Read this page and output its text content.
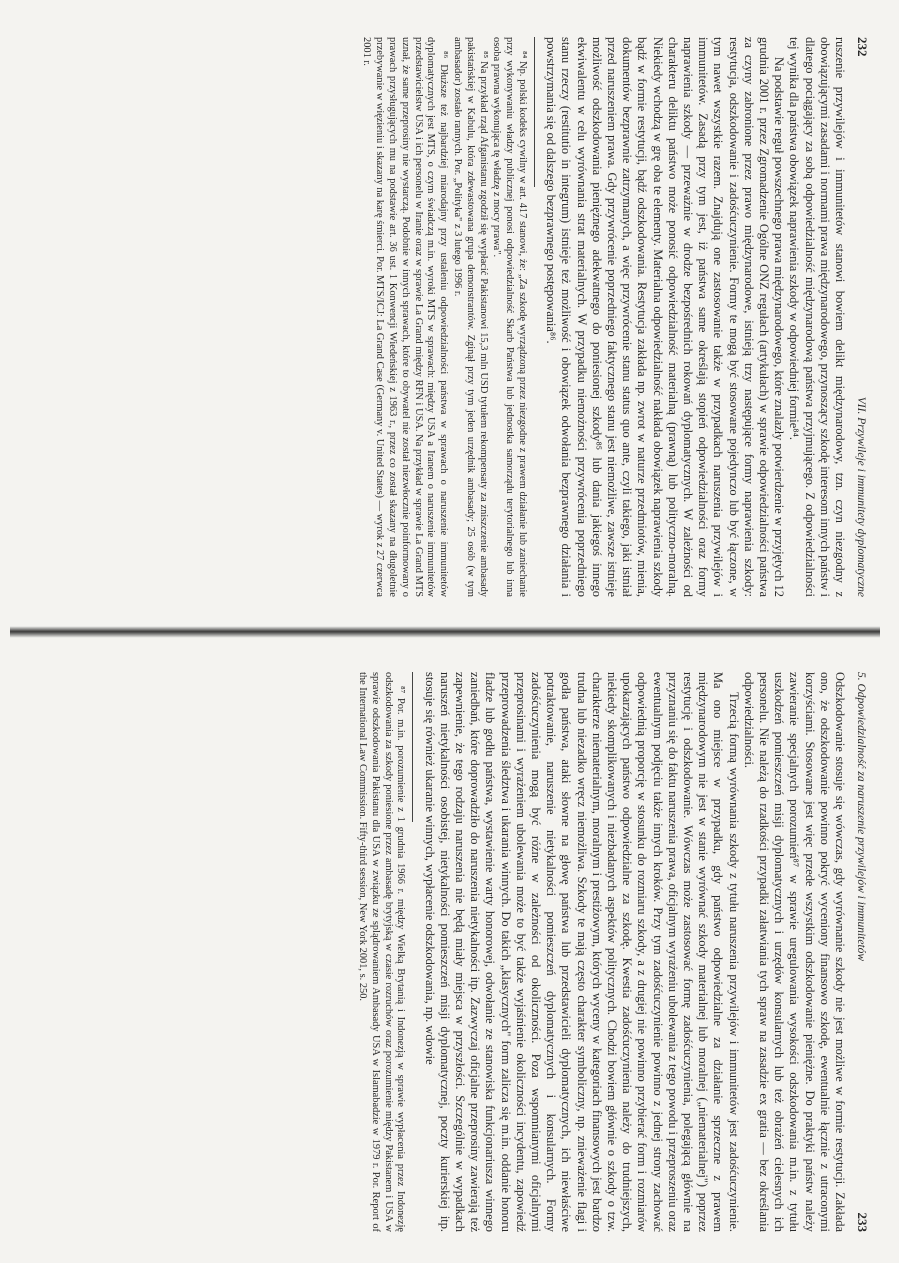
232
VII. Przywileje i immunitety dyplomatyczne

ruszenie przywilejów i immunitetów stanowi bowiem delikt międzynarodowy, tzn. czyn niezgodny z obowiązującymi zasadami i normami prawa międzynarodowego, przynoszący szkodę interesom innych państw i dlatego pociągający za sobą odpowiedzialność międzynarodową państwa przyjmującego. Z odpowiedzialności tej wynika dla państwa obowiązek naprawienia szkody w odpowiedniej formie⁸⁴.

Na podstawie reguł powszechnego prawa międzynarodowego, które znalazły potwierdzenie w przyjętych 12 grudnia 2001 r. przez Zgromadzenie Ogólne ONZ regułach (artykułach) w sprawie odpowiedzialności państwa za czyny zabronione przez prawo międzynarodowe, istnieją trzy następujące formy naprawienia szkody: restytucja, odszkodowanie i zadośćuczynienie. Formy te mogą być stosowane pojedynczo lub być łączone, w tym nawet wszystkie razem. Znajdują one zastosowanie także w przypadkach naruszenia przywilejów i immunitetów. Zasadą przy tym jest, iż państwa same określają stopień odpowiedzialności oraz formy naprawienia szkody — przeważnie w drodze bezpośrednich rokowań dyplomatycznych. W zależności od charakteru deliktu państwo może ponosić odpowiedzialność materialną (prawną) lub polityczno-moralną. Niekiedy wchodzą w grę oba te elementy. Materialna odpowiedzialność nakłada obowiązek naprawienia szkody bądź w formie restytucji, bądź odszkodowania. Restytucja zakłada np. zwrot w naturze przedmiotów, mienia, dokumentów bezprawnie zatrzymanych, a więc przywrócenie stanu status quo ante, czyli takiego, jaki istniał przed naruszeniem prawa. Gdy przywrócenie poprzedniego faktycznego stanu jest niemożliwe, zawsze istnieje możliwość odszkodowania pieniężnego adekwatnego do poniesionej szkody⁸⁵ lub dania jakiegoś innego ekwiwalentu w celu wyrównania strat materialnych. W przypadku niemożności przywrócenia poprzedniego stanu rzeczy (restitutio in integrum) istnieje też możliwość i obowiązek odwołania bezprawnego działania i powstrzymania się od dalszego bezprawnego postępowania⁸⁶.

⁸⁴ Np. polski kodeks cywilny w art. 417 stanowi, że: „Za szkodę wyrządzoną przez niezgodne z prawem działanie lub zaniechanie przy wykonywaniu władzy publicznej ponosi odpowiedzialność Skarb Państwa lub jednostka samorządu terytorialnego lub inna osoba prawna wykonująca tę władzę z mocy prawa".

⁸⁵ Na przykład rząd Afganistanu zgodził się wypłacić Pakistanowi 15,3 mln USD tytułem rekompensaty za zniszczenie ambasady pakistańskiej w Kabulu, która zdewastowana grupa demonstrantów. Zginął przy tym jeden urzędnik ambasady; 25 osób (w tym ambasador) zostało rannych. Por. „Polityka" z 3 lutego 1996 r.

⁸⁶ Dłuższe też najbardziej miarodajny przy ustaleniu odpowiedzialności państwa w sprawach o naruszenie immunitetów dyplomatycznych jest MTS, o czym świadczą m.in. wyroki MTS w sprawach: między USA a Iranem o naruszenie immunitetów przedstawicielstw USA i ich personelu w Iranie oraz w sprawie La Grand między RFN i USA. Na przykład w sprawie La Grand MTS uznał, że same przeprosiny nie wystarczą. Podobnie w innych sprawach, które to obywatel nie został niezwłocznie poinformowany o prawach przysługujących mu na podstawie art. 36 ust. 1 Konwencji Wiedeńskiej z 1963 r., przez co został skazany na długoletnie przebywanie w więzieniu i skazany na karę śmierci. Por. MTS/ICJ: La Grand Case (Germany v. United States) — wyrok z 27 czerwca 2001 r.

5. Odpowiedzialność za naruszenie przywilejów i immunitetów
233

Odszkodowanie stosuje się wówczas, gdy wyrównanie szkody nie jest możliwe w formie restytucji. Zakłada ono, że odszkodowanie powinno pokryć wyceniony finansowo szkodę, ewentualnie łącznie z utraconymi korzyściami. Stosowane jest więc przede wszystkim odszkodowanie pieniężne. Do praktyki państw należy zawieranie specjalnych porozumień⁸⁷ w sprawie uregulowania wysokości odszkodowania m.in. z tytułu uszkodzeń pomieszczeń misji dyplomatycznych i urzędów konsularnych lub też obrażeń cielesnych ich personelu. Nie należą do rzadkości przypadki załatwiania tych spraw na zasadzie ex gratia — bez określania odpowiedzialności.

Trzecią formą wyrównania szkody z tytułu naruszenia przywilejów i immunitetów jest zadośćuczynienie. Ma ono miejsce w przypadku, gdy państwo odpowiedzialne za działanie sprzeczne z prawem międzynarodowym nie jest w stanie wyrównać szkody materialnej lub moralnej („niematerialnej") poprzez restytucję i odszkodowanie. Wówczas może zastosować formę zadośćuczynienia, polegającą głównie na przyznaniu się do faktu naruszenia prawa, oficjalnym wyrażeniu ubolewania z tego powodu i przeproszeniu oraz ewentualnym podjęciu także innych kroków. Przy tym zadośćuczynienie powinno z jednej strony zachować odpowiednią proporcję w stosunku do rozmiaru szkody, a z drugiej nie powinno przybierać form i rozmiarów upokarzających państwo odpowiedzialne za szkodę. Kwestia zadośćuczynienia należy do trudniejszych, niekiedy skomplikowanych i niezbadanych aspektów politycznych. Chodzi bowiem głównie o szkody o tzw. charakterze niematerialnym, moralnym i prestiżowym, których wyceny w kategoriach finansowych jest bardzo trudna lub niezadko wręcz niemożliwa. Szkody te mają często charakter symboliczny, np. znieważenie flagi i godła państwa, ataki słowne na głowę państwa lub przedstawicieli dyplomatycznych, ich niewłaściwe potraktowanie, naruszenie nietykalności pomieszczeń dyplomatycznych i konsularnych. Formy zadośćuczynienia mogą być różne w zależności od okoliczności. Poza wspomnianymi oficjalnymi przeprosinami i wyrażeniem ubolewania może to być także wyjaśnienie okoliczności incydentu, zapowiedź przeprowadzenia śledztwa i ukarania winnych. Do takich „klasycznych" form zalicza się m.in. oddanie honoru fladze lub godłu państwa, wystawienie warty honorowej, odwołanie ze stanowiska funkcjonariusza winnego zaniedbań, które doprowadziło do naruszenia nietykalności itp. Zazwyczaj oficjalne przeprosiny zawierają też zapewnienie, że tego rodzaju naruszenia nie będą miały miejsca w przyszłości. Szczególnie w wypadkach naruszeń nietykalności osobistej, nietykalności pomieszczeń misji dyplomatycznej, poczty kurierskiej itp. stosuje się również ukaranie winnych, wypłacenie odszkodowania, np. wdowie

⁸⁷ Por. m.in. porozumienie z 1 grudnia 1966 r. między Wielką Brytanią i Indonezją w sprawie wypłacenia przez Indonezję odszkodowania za szkody poniesione przez ambasadę brytyjską w czasie rozruchów oraz porozumienie między Pakistanem i USA w sprawie odszkodowania Pakistanu dla USA w związku ze splądrowaniem Ambasady USA w Islamabadzie w 1979 r. Por. Report of the International Law Commission. Fifty-third session, New York 2001, s. 250.
